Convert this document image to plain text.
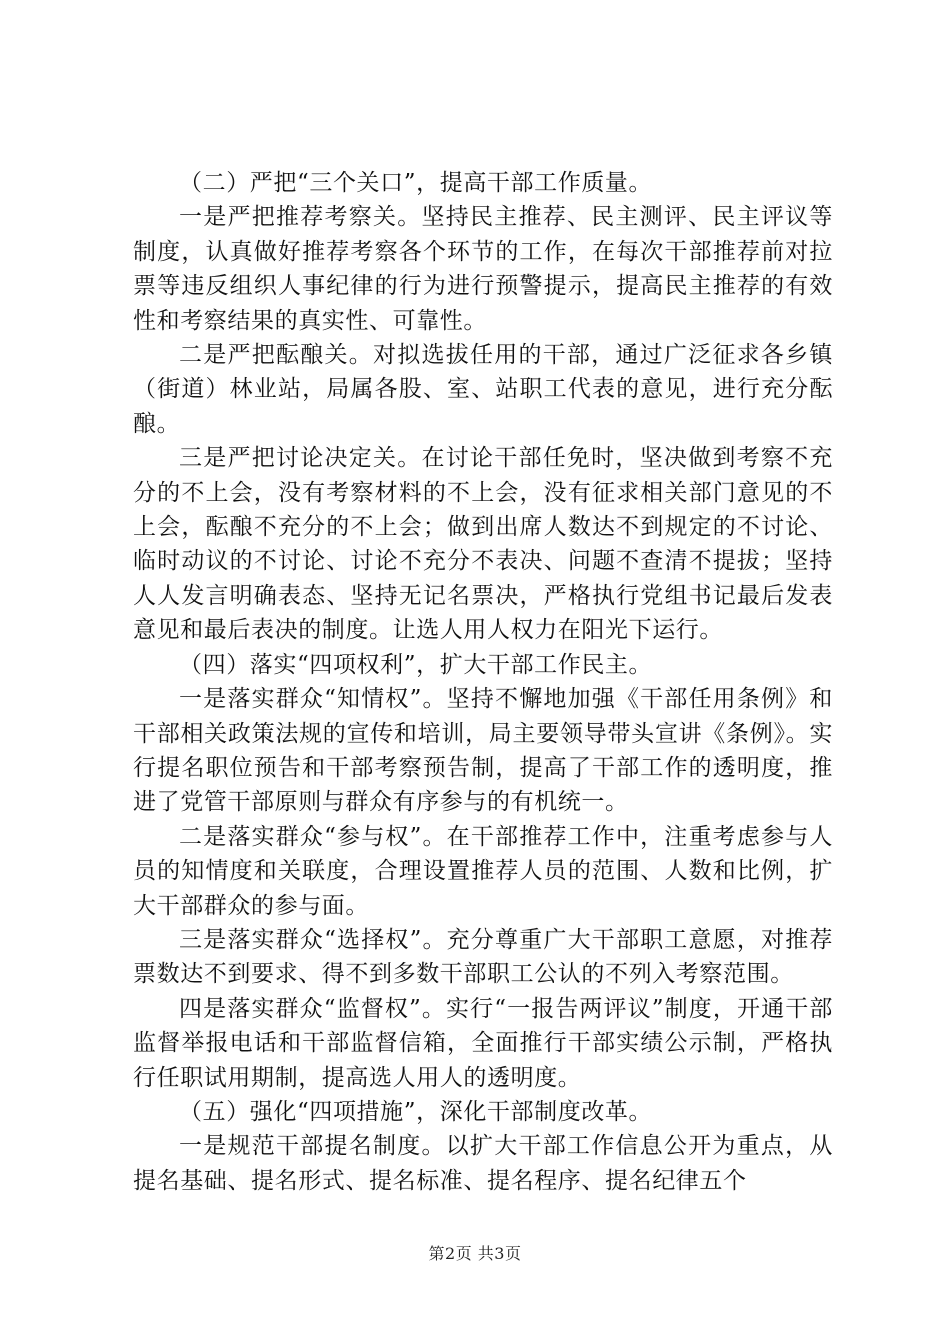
（二）严把“三个关口”，提高干部工作质量。

一是严把推荐考察关。坚持民主推荐、民主测评、民主评议等制度，认真做好推荐考察各个环节的工作，在每次干部推荐前对拉票等违反组织人事纪律的行为进行预警提示，提高民主推荐的有效性和考察结果的真实性、可靠性。

二是严把酝酿关。对拟选拔任用的干部，通过广泛征求各乡镇（街道）林业站，局属各股、室、站职工代表的意见，进行充分酝酿。

三是严把讨论决定关。在讨论干部任免时，坚决做到考察不充分的不上会，没有考察材料的不上会，没有征求相关部门意见的不上会，酝酿不充分的不上会；做到出席人数达不到规定的不讨论、临时动议的不讨论、讨论不充分不表决、问题不查清不提拔；坚持人人发言明确表态、坚持无记名票决，严格执行党组书记最后发表意见和最后表决的制度。让选人用人权力在阳光下运行。

（四）落实“四项权利”，扩大干部工作民主。

一是落实群众“知情权”。坚持不懈地加强《干部任用条例》和干部相关政策法规的宣传和培训，局主要领导带头宣讲《条例》。实行提名职位预告和干部考察预告制，提高了干部工作的透明度，推进了党管干部原则与群众有序参与的有机统一。

二是落实群众“参与权”。在干部推荐工作中，注重考虑参与人员的知情度和关联度，合理设置推荐人员的范围、人数和比例，扩大干部群众的参与面。

三是落实群众“选择权”。充分尊重广大干部职工意愿，对推荐票数达不到要求、得不到多数干部职工公认的不列入考察范围。

四是落实群众“监督权”。实行“一报告两评议”制度，开通干部监督举报电话和干部监督信箱，全面推行干部实绩公示制，严格执行任职试用期制，提高选人用人的透明度。

（五）强化“四项措施”，深化干部制度改革。

一是规范干部提名制度。以扩大干部工作信息公开为重点，从提名基础、提名形式、提名标准、提名程序、提名纪律五个

第2页 共3页
